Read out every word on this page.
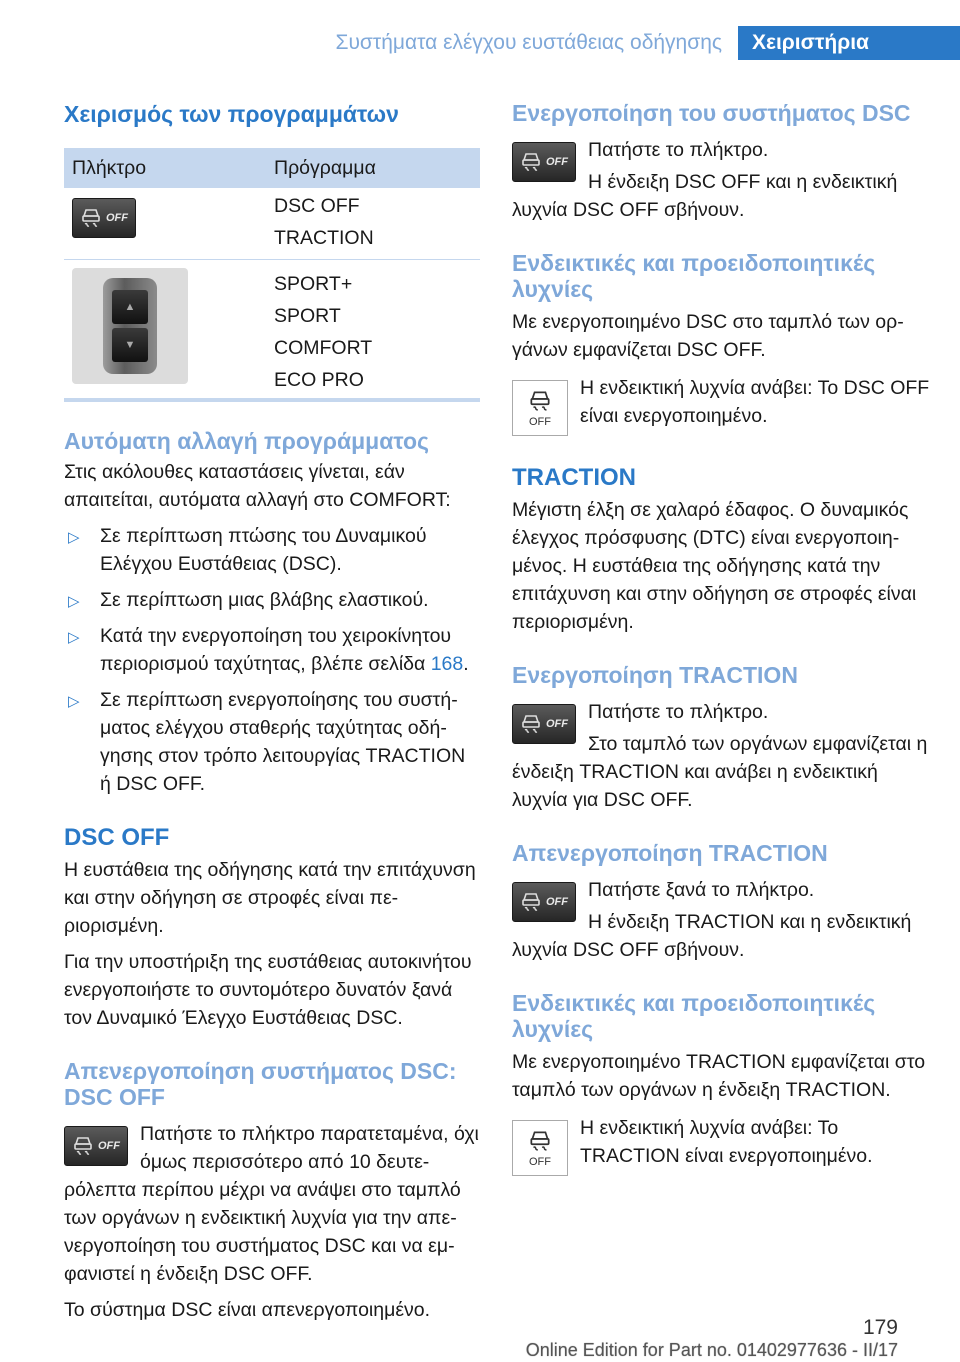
Συστήματα ελέγχου ευστάθειας οδήγησης	Χειριστήρια
Χειρισμός των προγραμμάτων
Πλήκτρο	Πρόγραμμα
OFF

DSC OFF

TRACTION

▲
▼

SPORT+

SPORT

COMFORT

ECO PRO

Αυτόματη αλλαγή προγράμματος

Στις ακόλουθες καταστάσεις γίνεται, εάν απαιτείται, αυτόματα αλλαγή στο COMFORT:

▷ Σε περίπτωση πτώσης του Δυναμικού Ελέγχου Ευστάθειας (DSC).
▷ Σε περίπτωση μιας βλάβης ελαστικού.
▷ Κατά την ενεργοποίηση του χειροκίνητου περιορισμού ταχύτητας, βλέπε σελίδα 168.
▷ Σε περίπτωση ενεργοποίησης του συστήματος ελέγχου σταθερής ταχύτητας οδήγησης στον τρόπο λειτουργίας TRACTION ή DSC OFF.
DSC OFF

Η ευστάθεια της οδήγησης κατά την επιτάχυνση και στην οδήγηση σε στροφές είναι περιορισμένη.

Για την υποστήριξη της ευστάθειας αυτοκινήτου ενεργοποιήστε το συντομότερο δυνατόν ξανά τον Δυναμικό Έλεγχο Ευστάθειας DSC.

Απενεργοποίηση συστήματος DSC: DSC OFF
OFF

Πατήστε το πλήκτρο παρατεταμένα, όχι όμως περισσότερο από 10 δευτερόλεπτα περίπου μέχρι να ανάψει στο ταμπλό των οργάνων η ενδεικτική λυχνία για την απενεργοποίηση του συστήματος DSC και να εμφανιστεί η ένδειξη DSC OFF.

Το σύστημα DSC είναι απενεργοποιημένο.

Ενεργοποίηση του συστήματος DSC
OFF

Πατήστε το πλήκτρο.

Η ένδειξη DSC OFF και η ενδεικτική λυχνία DSC OFF σβήνουν.

Ενδεικτικές και προειδοποιητικές λυχνίες

Με ενεργοποιημένο DSC στο ταμπλό των οργάνων εμφανίζεται DSC OFF.

OFF

Η ενδεικτική λυχνία ανάβει: Το DSC OFF είναι ενεργοποιημένο.

TRACTION

Μέγιστη έλξη σε χαλαρό έδαφος. Ο δυναμικός έλεγχος πρόσφυσης (DTC) είναι ενεργοποιημένος. Η ευστάθεια της οδήγησης κατά την επιτάχυνση και στην οδήγηση σε στροφές είναι περιορισμένη.

Ενεργοποίηση TRACTION
OFF

Πατήστε το πλήκτρο.

Στο ταμπλό των οργάνων εμφανίζεται η ένδειξη TRACTION και ανάβει η ενδεικτική λυχνία για DSC OFF.

Απενεργοποίηση TRACTION
OFF

Πατήστε ξανά το πλήκτρο.

Η ένδειξη TRACTION και η ενδεικτική λυχνία DSC OFF σβήνουν.

Ενδεικτικές και προειδοποιητικές λυχνίες

Με ενεργοποιημένο TRACTION εμφανίζεται στο ταμπλό των οργάνων η ένδειξη TRACTION.

OFF

Η ενδεικτική λυχνία ανάβει: Το TRACTION είναι ενεργοποιημένο.

179
Online Edition for Part no. 01402977636 - II/17
